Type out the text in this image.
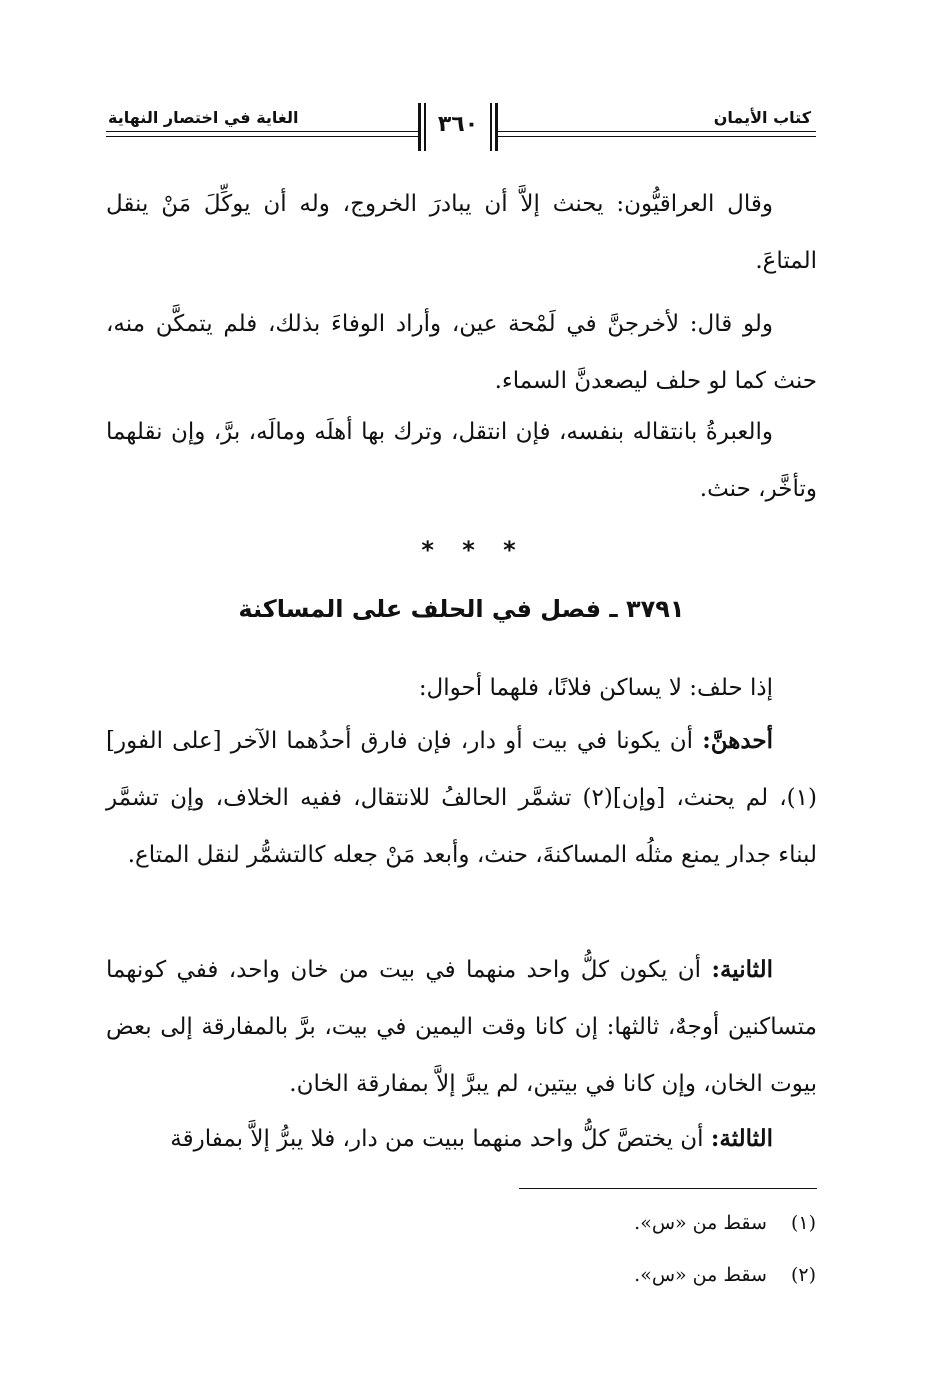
كتاب الأيمان
الغاية في اختصار النهاية	٣٦٠

وقال العراقيُّون: يحنث إلاَّ أن يبادرَ الخروج، وله أن يوكِّلَ مَنْ ينقل المتاعَ.

ولو قال: لأخرجنَّ في لَمْحة عين، وأراد الوفاءَ بذلك، فلم يتمكَّن منه، حنث كما لو حلف ليصعدنَّ السماء.

والعبرةُ بانتقاله بنفسه، فإن انتقل، وترك بها أهلَه ومالَه، برَّ، وإن نقلهما وتأخَّر، حنث.

* * *
٣٧٩١ ـ فصل في الحلف على المساكنة

إذا حلف: لا يساكن فلانًا، فلهما أحوال:

أحدهنَّ: أن يكونا في بيت أو دار، فإن فارق أحدُهما الآخر [على الفور](١)، لم يحنث، [وإن](٢) تشمَّر الحالفُ للانتقال، ففيه الخلاف، وإن تشمَّر لبناء جدار يمنع مثلُه المساكنةَ، حنث، وأبعد مَنْ جعله كالتشمُّر لنقل المتاع.

الثانية: أن يكون كلُّ واحد منهما في بيت من خان واحد، ففي كونهما متساكنين أوجهٌ، ثالثها: إن كانا وقت اليمين في بيت، برَّ بالمفارقة إلى بعض بيوت الخان، وإن كانا في بيتين، لم يبرَّ إلاَّ بمفارقة الخان.

الثالثة: أن يختصَّ كلُّ واحد منهما ببيت من دار، فلا يبرُّ إلاَّ بمفارقة

(١)سقط من «س».
(٢)سقط من «س».
